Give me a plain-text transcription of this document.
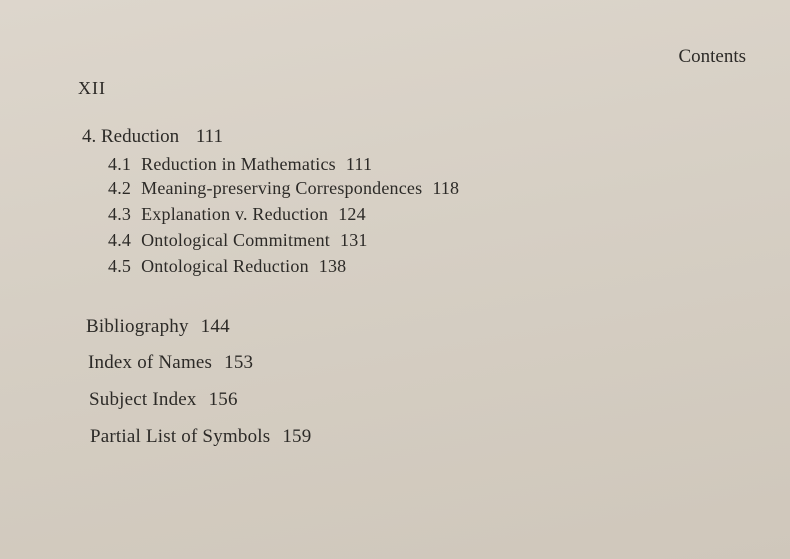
​
Contents
XII
4. Reduction 111
4.1 Reduction in Mathematics 111
4.2 Meaning-preserving Correspondences 118
4.3 Explanation v. Reduction 124
4.4 Ontological Commitment 131
4.5 Ontological Reduction 138
Bibliography 144
Index of Names 153
Subject Index 156
Partial List of Symbols 159
